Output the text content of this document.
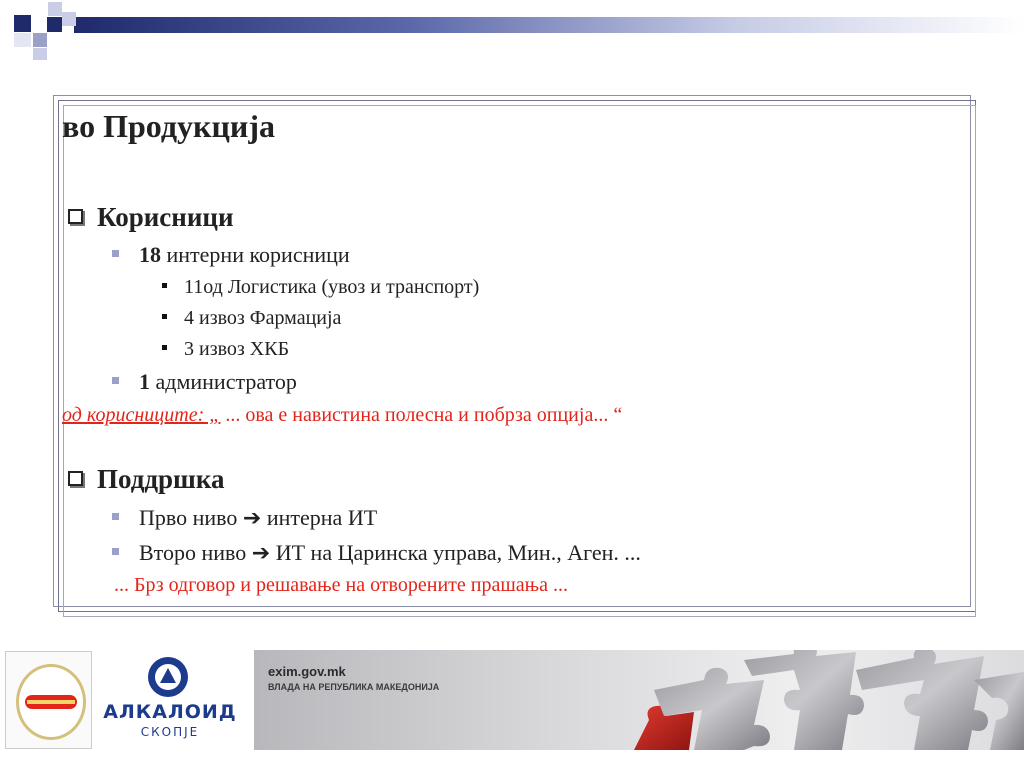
во Продукција
Корисници
18 интерни корисници
11од Логистика (увоз и транспорт)
4 извоз Фармација
3 извоз ХКБ
1 администратор
од корисниците: „ ... ова е навистина полесна и побрза опција... “
Поддршка
Прво ниво ➔ интерна ИТ
Второ ниво ➔ ИТ на Царинска управа, Мин., Аген. ...
... Брз одговор и решавање на отворените прашања ...
АЛКАЛОИД
СКОПЈЕ
exim.gov.mk
ВЛАДА НА РЕПУБЛИКА МАКЕДОНИЈА
